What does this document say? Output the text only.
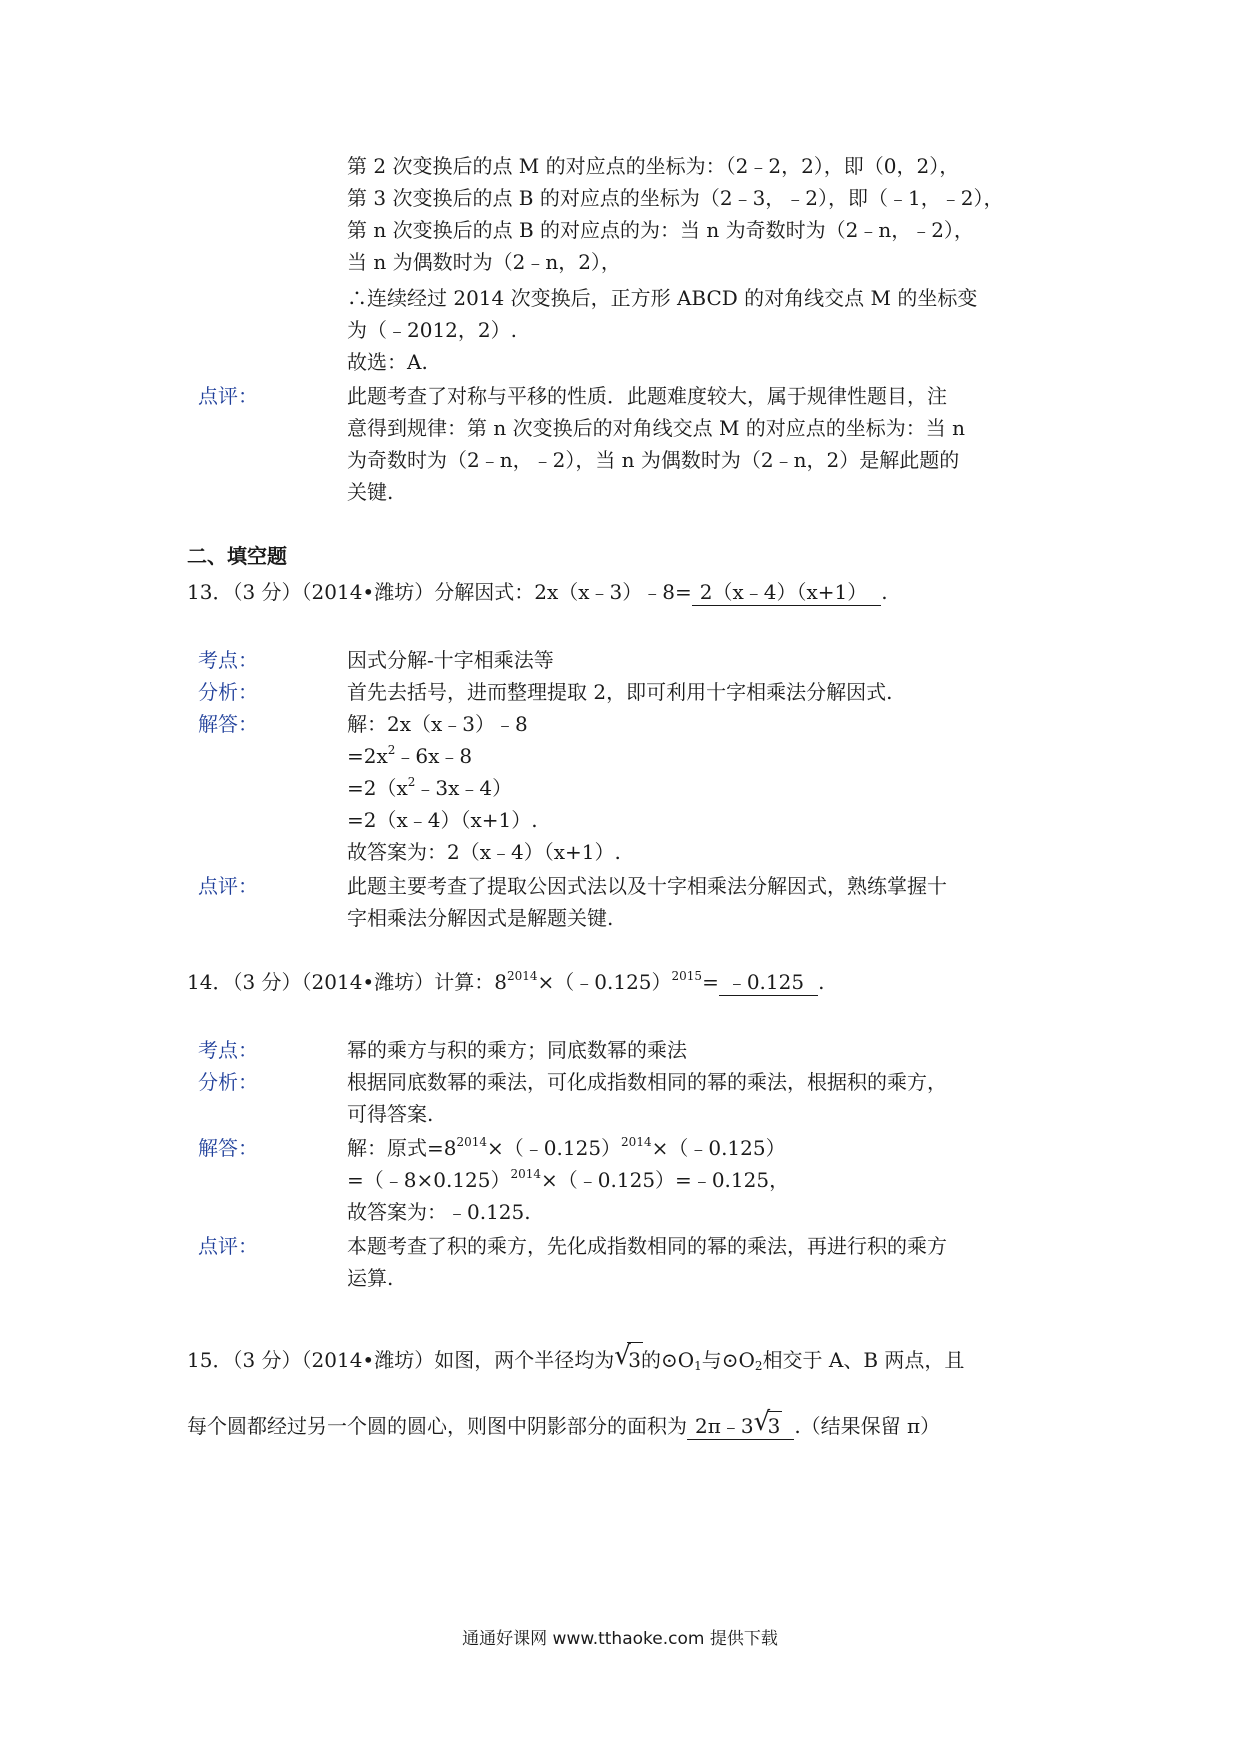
第 2 次变换后的点 M 的对应点的坐标为：（2﹣2，2），即（0，2），
第 3 次变换后的点 B 的对应点的坐标为（2﹣3，﹣2），即（﹣1，﹣2），
第 n 次变换后的点 B 的对应点的为：当 n 为奇数时为（2﹣n，﹣2），
当 n 为偶数时为（2﹣n，2），
∴连续经过 2014 次变换后，正方形 ABCD 的对角线交点 M 的坐标变
为（﹣2012，2）.
故选：A.
点评：	此题考查了对称与平移的性质．此题难度较大，属于规律性题目，注
意得到规律：第 n 次变换后的对角线交点 M 的对应点的坐标为：当 n
为奇数时为（2﹣n，﹣2），当 n 为偶数时为（2﹣n，2）是解此题的
关键.
二、填空题
13．（3 分）（2014•潍坊）分解因式：2x（x﹣3）﹣8= 2（x﹣4）（x+1） .
考点：	因式分解-十字相乘法等
分析：	首先去括号，进而整理提取 2，即可利用十字相乘法分解因式.
解答：	解：2x（x﹣3）﹣8
$=2x^2﹣6x﹣8$
$=2(x^2﹣3x﹣4)$
=2（x﹣4）（x+1）.
故答案为：2（x﹣4）（x+1）.
点评：	此题主要考查了提取公因式法以及十字相乘法分解因式，熟练掌握十
字相乘法分解因式是解题关键.
14．（3 分）（2014•潍坊）计算：$8^{2014}\times(﹣0.125)^{2015}=$ ﹣0.125 .
考点：	幂的乘方与积的乘方；同底数幂的乘法
分析：	根据同底数幂的乘法，可化成指数相同的幂的乘法，根据积的乘方，
可得答案.
解答：	解：原式$=8^{2014}\times(﹣0.125)^{2014}\times(﹣0.125)$
=（﹣8×0.125）$^{2014}$×（﹣0.125）=﹣0.125，
故答案为：﹣0.125.
点评：	本题考查了积的乘方，先化成指数相同的幂的乘法，再进行积的乘方
运算.
15．（3 分）（2014•潍坊）如图，两个半径均为 √
3的$⊙O_1$与$⊙O_2$相交于 A、B 两点，且
每个圆都经过另一个圆的圆心，则图中阴影部分的面积为 2π﹣3 √
3 .（结果保留 π）
通通好课网 www.tthaoke.com 提供下载
